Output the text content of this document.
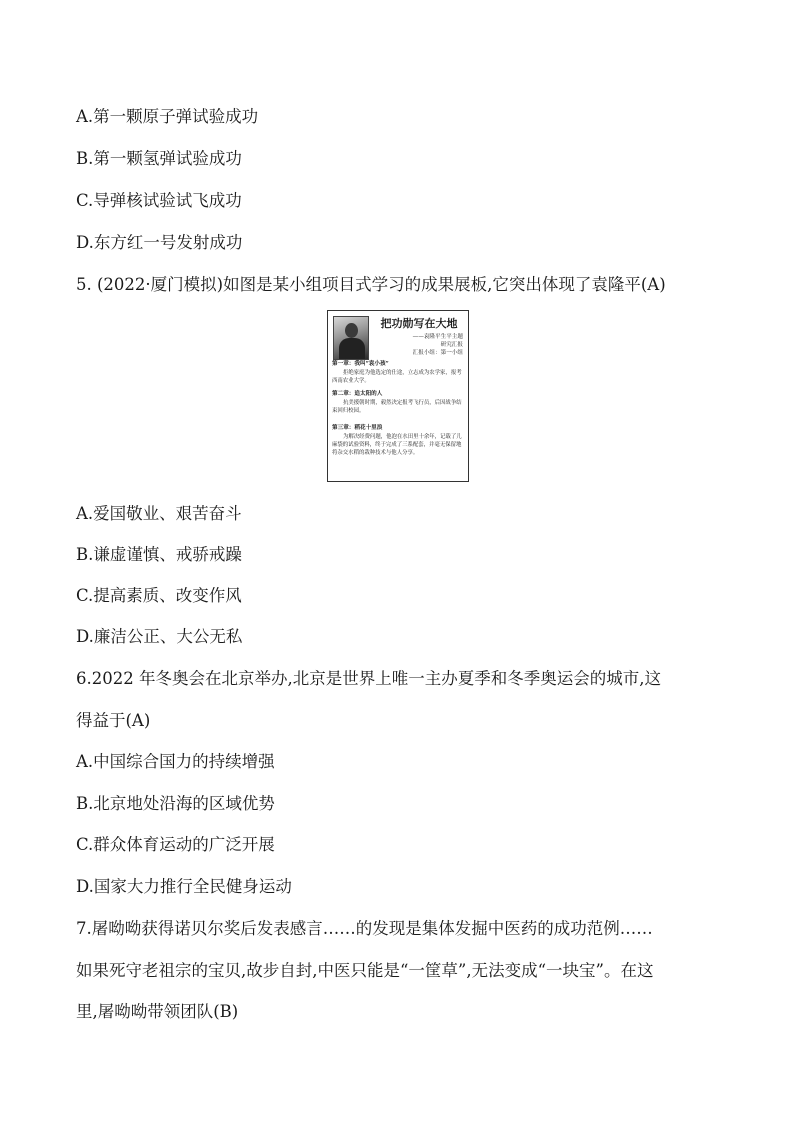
A.第一颗原子弹试验成功
B.第一颗氢弹试验成功
C.导弹核试验试飞成功
D.东方红一号发射成功
5. (2022·厦门模拟)如图是某小组项目式学习的成果展板,它突出体现了袁隆平(A)
把功勋写在大地
——袁隆平生平主题
研究汇报
汇报小组：第一小组
第一章：我叫“袁小孩”
拒绝家庭为他选定的仕途，立志成为农学家，报考西南农业大学。
第二章：追太阳的人
抗美援朝时期，毅然决定报考飞行员，后因战争结束回归校园。
第三章：稻花十里浪
为解决经费问题，他泡在水田里十余年，记载了儿麻袋的试验资料，终于完成了三系配套，并毫无保留地将杂交水稻的栽种技术与他人分享。
A.爱国敬业、艰苦奋斗
B.谦虚谨慎、戒骄戒躁
C.提高素质、改变作风
D.廉洁公正、大公无私
6.2022 年冬奥会在北京举办,北京是世界上唯一主办夏季和冬季奥运会的城市,这
得益于(A)
A.中国综合国力的持续增强
B.北京地处沿海的区域优势
C.群众体育运动的广泛开展
D.国家大力推行全民健身运动
7.屠呦呦获得诺贝尔奖后发表感言……的发现是集体发掘中医药的成功范例……
如果死守老祖宗的宝贝,故步自封,中医只能是“一筐草”,无法变成“一块宝”。在这
里,屠呦呦带领团队(B)
